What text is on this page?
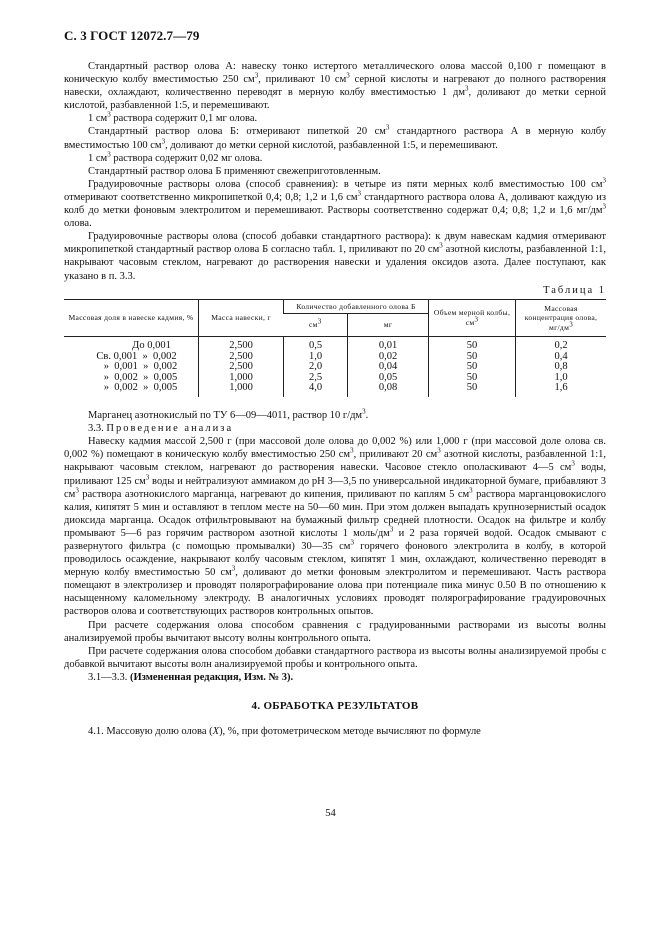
С. 3 ГОСТ 12072.7—79

Стандартный раствор олова А: навеску тонко истертого металлического олова массой 0,100 г помещают в коническую колбу вместимостью 250 $см^3$, приливают 10 $см^3$ серной кислоты и нагревают до полного растворения навески, охлаждают, количественно переводят в мерную колбу вместимостью 1 $дм^3$, доливают до метки серной кислотой, разбавленной 1:5, и перемешивают.

1 $см^3$ раствора содержит 0,1 мг олова.

Стандартный раствор олова Б: отмеривают пипеткой 20 $см^3$ стандартного раствора А в мерную колбу вместимостью 100 $см^3$, доливают до метки серной кислотой, разбавленной 1:5, и перемешивают.

1 $см^3$ раствора содержит 0,02 мг олова.

Стандартный раствор олова Б применяют свежеприготовленным.

Градуировочные растворы олова (способ сравнения): в четыре из пяти мерных колб вместимостью 100 $см^3$ отмеривают соответственно микропипеткой 0,4; 0,8; 1,2 и 1,6 $см^3$ стандартного раствора олова А, доливают каждую из колб до метки фоновым электролитом и перемешивают. Растворы соответственно содержат 0,4; 0,8; 1,2 и 1,6 $мг/дм^3$ олова.

Градуировочные растворы олова (способ добавки стандартного раствора): к двум навескам кадмия отмеривают микропипеткой стандартный раствор олова Б согласно табл. 1, приливают по 20 $см^3$ азотной кислоты, разбавленной 1:1, накрывают часовым стеклом, нагревают до растворения навески и удаления оксидов азота. Далее поступают, как указано в п. 3.3.

Таблица 1
Массовая доля в навеске кадмия, %	Масса навески, г	Количество добавленного олова Б		Объем мерной колбы, $см^3$	Массовая концентрация олова, $мг/дм^3$
		$см^3$	мг		
До 0,001	2,500	0,5	0,01	50	0,2
Св. 0,001  »  0,002	2,500	1,0	0,02	50	0,4
»  0,001  »  0,002	2,500	2,0	0,04	50	0,8
»  0,002  »  0,005	1,000	2,5	0,05	50	1,0
»  0,002  »  0,005	1,000	4,0	0,08	50	1,6

Марганец азотнокислый по ТУ 6—09—4011, раствор 10 $г/дм^3$.

3.3. Проведение анализа

Навеску кадмия массой 2,500 г (при массовой доле олова до 0,002 %) или 1,000 г (при массовой доле олова св. 0,002 %) помещают в коническую колбу вместимостью 250 $см^3$, приливают 20 $см^3$ азотной кислоты, разбавленной 1:1, накрывают часовым стеклом, нагревают до растворения навески. Часовое стекло ополаскивают 4—5 $см^3$ воды, приливают 125 $см^3$ воды и нейтрализуют аммиаком до pH 3—3,5 по универсальной индикаторной бумаге, прибавляют 3 $см^3$ раствора азотнокислого марганца, нагревают до кипения, приливают по каплям 5 $см^3$ раствора марганцовокислого калия, кипятят 5 мин и оставляют в теплом месте на 50—60 мин. При этом должен выпадать крупнозернистый осадок диоксида марганца. Осадок отфильтровывают на бумажный фильтр средней плотности. Осадок на фильтре и колбу промывают 5—6 раз горячим раствором азотной кислоты 1 моль/$дм^3$ и 2 раза горячей водой. Осадок смывают с развернутого фильтра (с помощью промывалки) 30—35 $см^3$ горячего фонового электролита в колбу, в которой проводилось осаждение, накрывают колбу часовым стеклом, кипятят 1 мин, охлаждают, количественно переводят в мерную колбу вместимостью 50 $см^3$, доливают до метки фоновым электролитом и перемешивают. Часть раствора помещают в электролизер и проводят полярографирование олова при потенциале пика минус 0.50 В по отношению к насыщенному каломельному электроду. В аналогичных условиях проводят полярографирование градуировочных растворов олова и соответствующих растворов контрольных опытов.

При расчете содержания олова способом сравнения с градуированными растворами из высоты волны анализируемой пробы вычитают высоту волны контрольного опыта.

При расчете содержания олова способом добавки стандартного раствора из высоты волны анализируемой пробы с добавкой вычитают высоты волн анализируемой пробы и контрольного опыта.

3.1—3.3. (Измененная редакция, Изм. № 3).

4. ОБРАБОТКА РЕЗУЛЬТАТОВ

4.1. Массовую долю олова (X), %, при фотометрическом методе вычисляют по формуле

54
